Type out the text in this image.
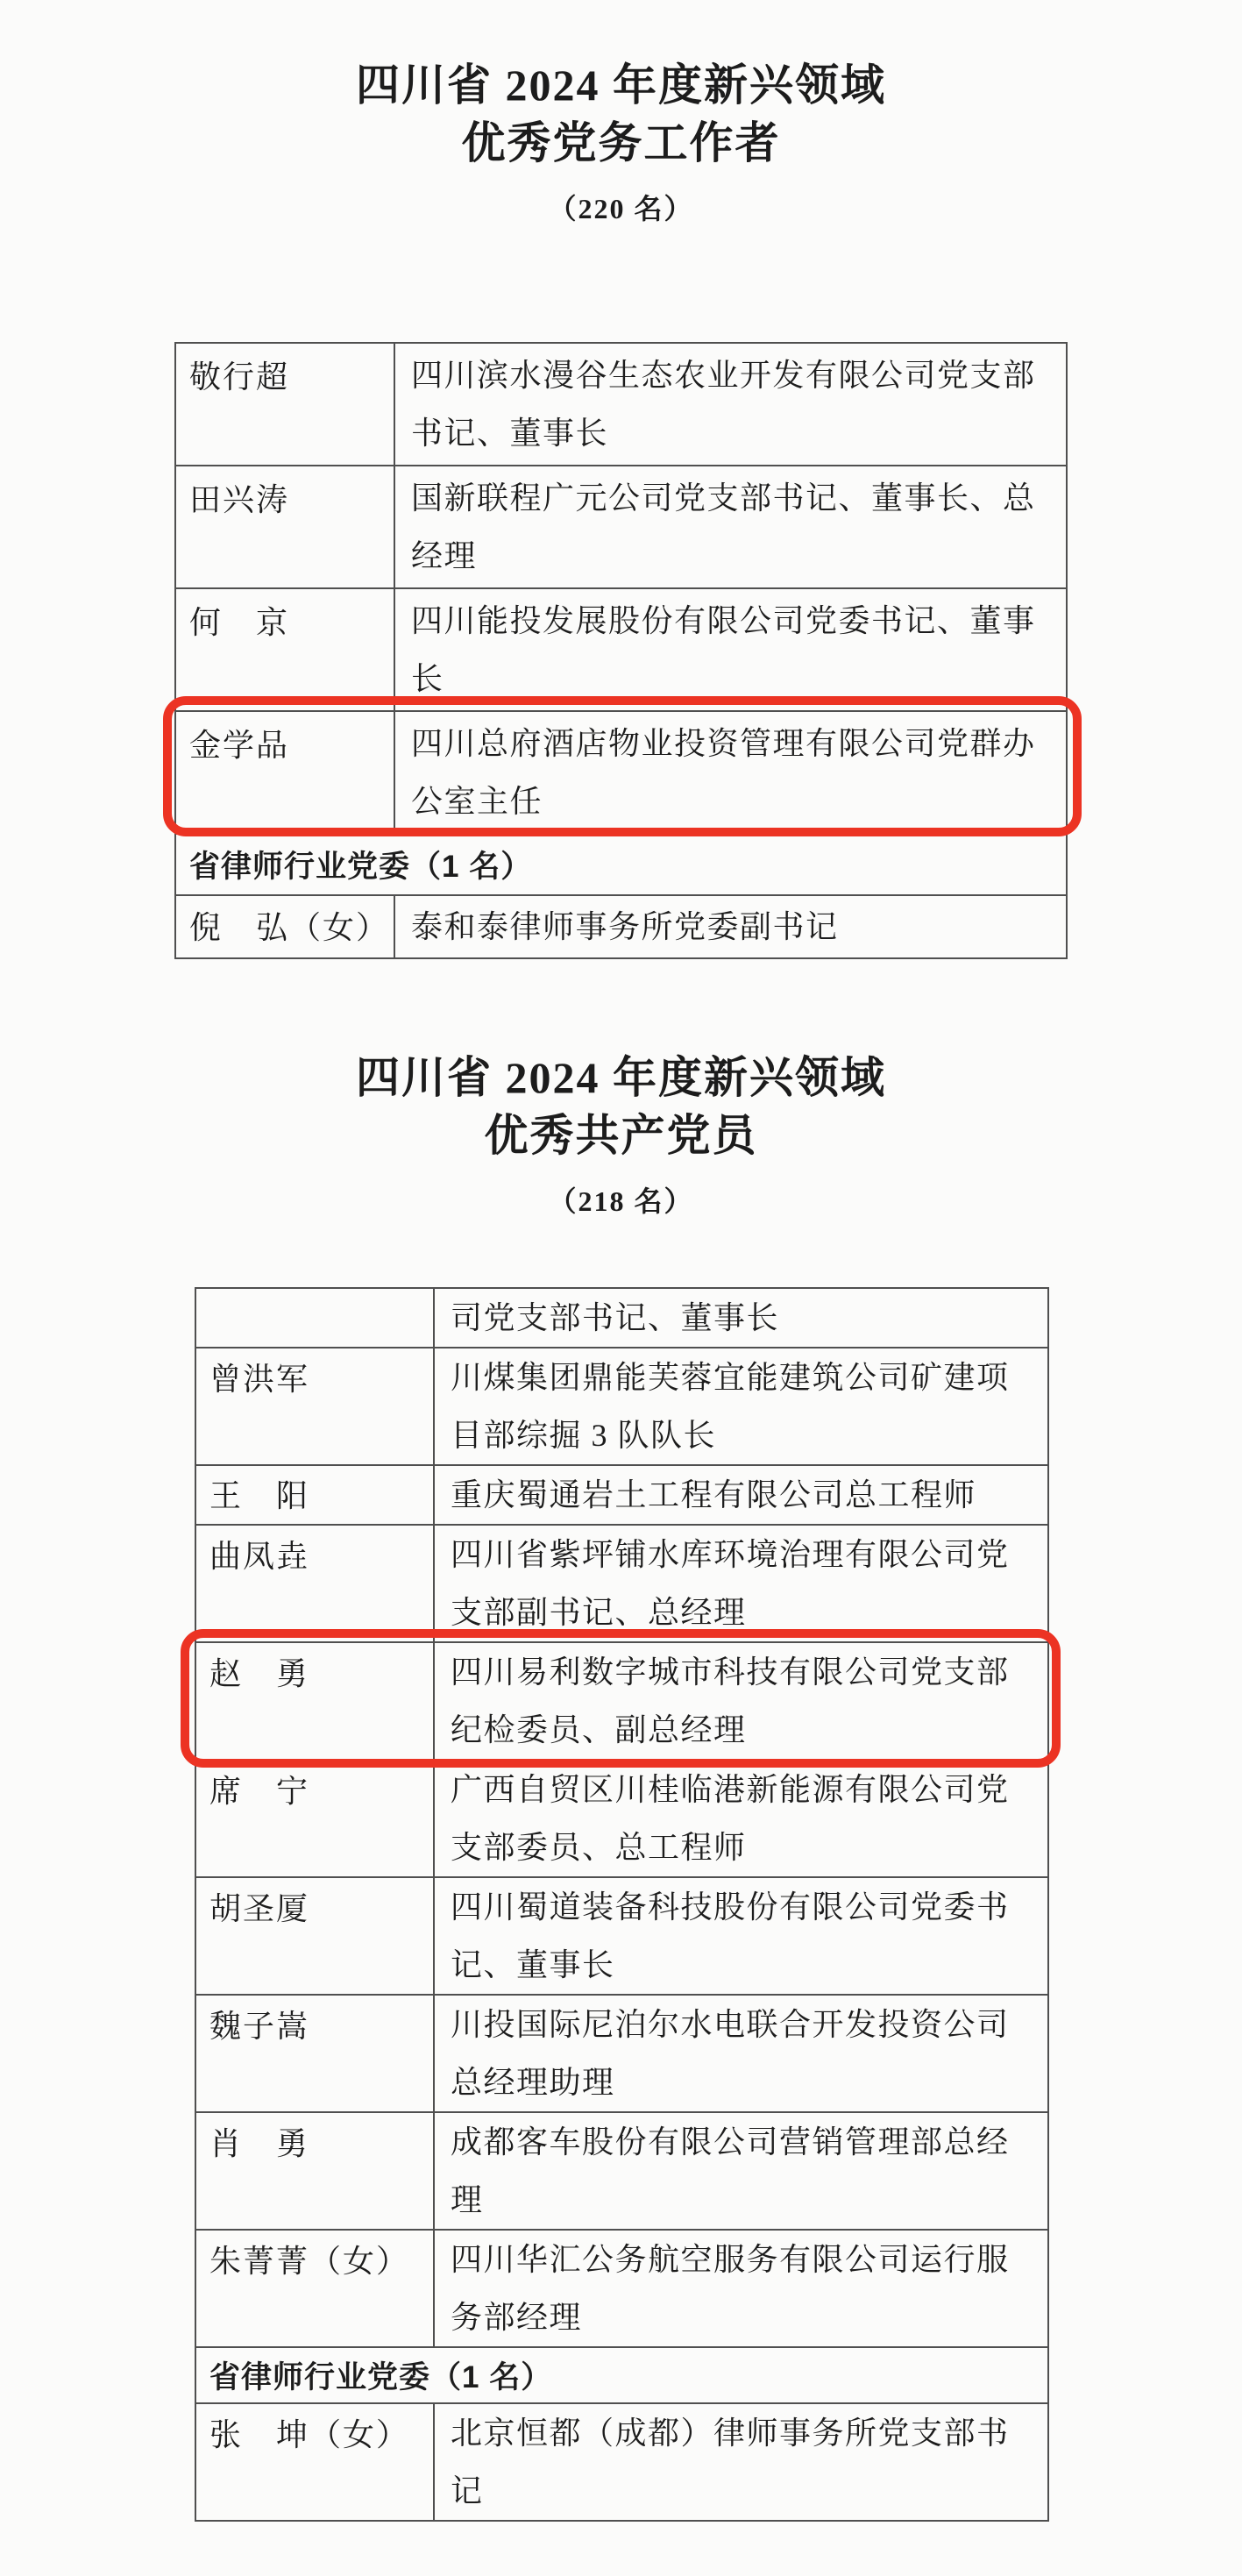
四川省 2024 年度新兴领域
优秀党务工作者
（220 名）
敬行超	四川滨水漫谷生态农业开发有限公司党支部书记、董事长
田兴涛	国新联程广元公司党支部书记、董事长、总经理
何　京	四川能投发展股份有限公司党委书记、董事长
金学品	四川总府酒店物业投资管理有限公司党群办公室主任
省律师行业党委（1 名）	
倪　弘（女）	泰和泰律师事务所党委副书记
四川省 2024 年度新兴领域
优秀共产党员
（218 名）
	司党支部书记、董事长
曾洪军	川煤集团鼎能芙蓉宜能建筑公司矿建项目部综掘 3 队队长
王　阳	重庆蜀通岩土工程有限公司总工程师
曲凤垚	四川省紫坪铺水库环境治理有限公司党支部副书记、总经理
赵　勇	四川易利数字城市科技有限公司党支部纪检委员、副总经理
席　宁	广西自贸区川桂临港新能源有限公司党支部委员、总工程师
胡圣厦	四川蜀道装备科技股份有限公司党委书记、董事长
魏子嵩	川投国际尼泊尔水电联合开发投资公司总经理助理
肖　勇	成都客车股份有限公司营销管理部总经理
朱菁菁（女）	四川华汇公务航空服务有限公司运行服务部经理
省律师行业党委（1 名）	
张　坤（女）	北京恒都（成都）律师事务所党支部书记
